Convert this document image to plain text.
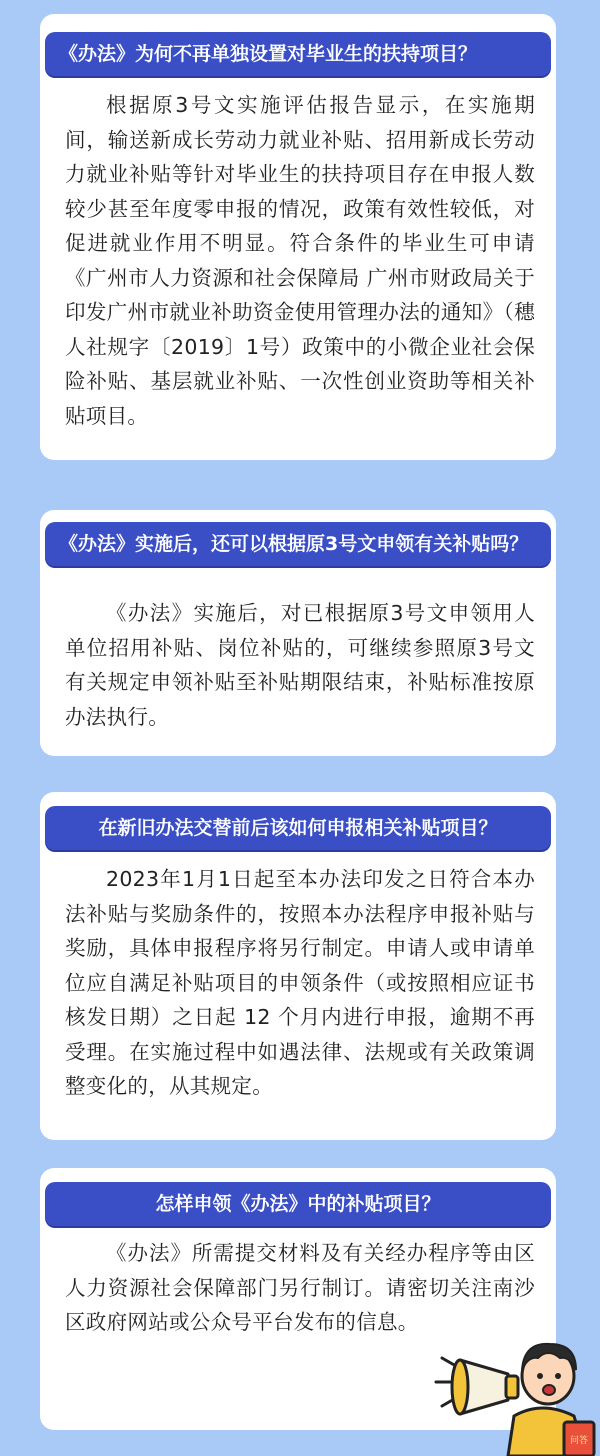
《办法》为何不再单独设置对毕业生的扶持项目？
根据原3号文实施评估报告显示，在实施期间，输送新成长劳动力就业补贴、招用新成长劳动力就业补贴等针对毕业生的扶持项目存在申报人数较少甚至年度零申报的情况，政策有效性较低，对促进就业作用不明显。符合条件的毕业生可申请《广州市人力资源和社会保障局 广州市财政局关于印发广州市就业补助资金使用管理办法的通知》（穗人社规字〔2019〕1号）政策中的小微企业社会保险补贴、基层就业补贴、一次性创业资助等相关补贴项目。
《办法》实施后，还可以根据原3号文申领有关补贴吗？
《办法》实施后，对已根据原3号文申领用人单位招用补贴、岗位补贴的，可继续参照原3号文有关规定申领补贴至补贴期限结束，补贴标准按原办法执行。
在新旧办法交替前后该如何申报相关补贴项目？
2023年1月1日起至本办法印发之日符合本办法补贴与奖励条件的，按照本办法程序申报补贴与奖励，具体申报程序将另行制定。申请人或申请单位应自满足补贴项目的申领条件（或按照相应证书核发日期）之日起 12 个月内进行申报，逾期不再受理。在实施过程中如遇法律、法规或有关政策调整变化的，从其规定。
怎样申领《办法》中的补贴项目？
《办法》所需提交材料及有关经办程序等由区人力资源社会保障部门另行制订。请密切关注南沙区政府网站或公众号平台发布的信息。
问答
